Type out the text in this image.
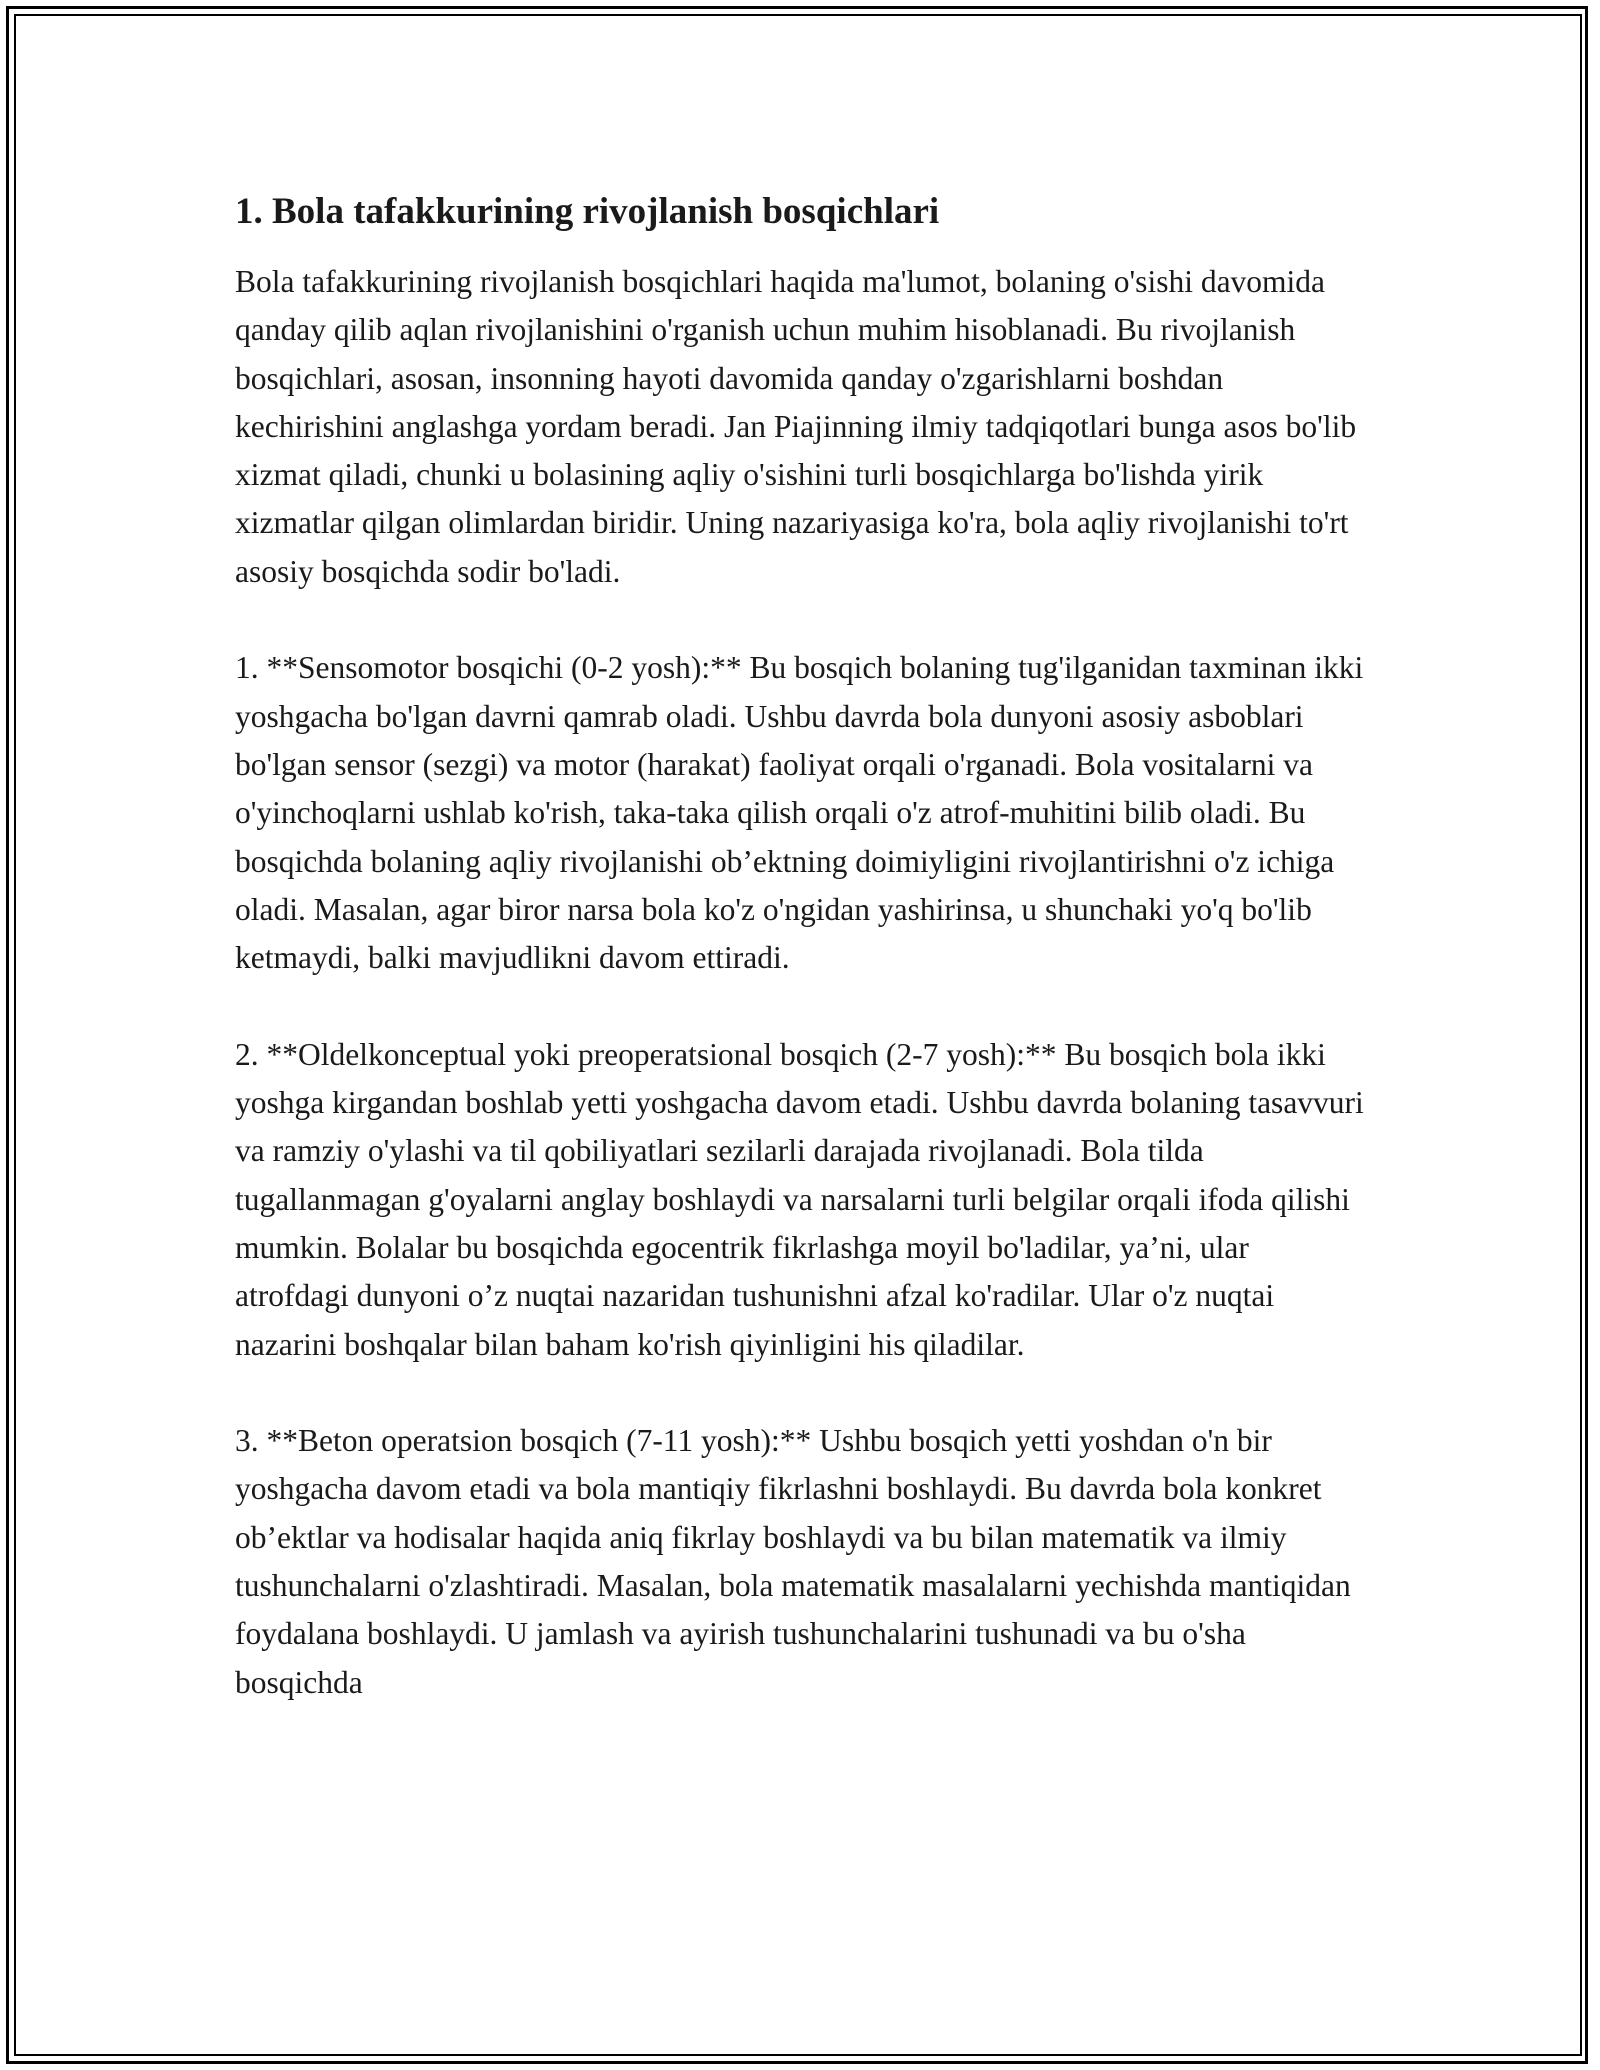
1. Bola tafakkurining rivojlanish bosqichlari

Bola tafakkurining rivojlanish bosqichlari haqida ma'lumot, bolaning o'sishi davomida qanday qilib aqlan rivojlanishini o'rganish uchun muhim hisoblanadi. Bu rivojlanish bosqichlari, asosan, insonning hayoti davomida qanday o'zgarishlarni boshdan kechirishini anglashga yordam beradi. Jan Piajinning ilmiy tadqiqotlari bunga asos bo'lib xizmat qiladi, chunki u bolasining aqliy o'sishini turli bosqichlarga bo'lishda yirik xizmatlar qilgan olimlardan biridir. Uning nazariyasiga ko'ra, bola aqliy rivojlanishi to'rt asosiy bosqichda sodir bo'ladi.

1. **Sensomotor bosqichi (0-2 yosh):** Bu bosqich bolaning tug'ilganidan taxminan ikki yoshgacha bo'lgan davrni qamrab oladi. Ushbu davrda bola dunyoni asosiy asboblari bo'lgan sensor (sezgi) va motor (harakat) faoliyat orqali o'rganadi. Bola vositalarni va o'yinchoqlarni ushlab ko'rish, taka-taka qilish orqali o'z atrof-muhitini bilib oladi. Bu bosqichda bolaning aqliy rivojlanishi ob’ektning doimiyligini rivojlantirishni o'z ichiga oladi. Masalan, agar biror narsa bola ko'z o'ngidan yashirinsa, u shunchaki yo'q bo'lib ketmaydi, balki mavjudlikni davom ettiradi.

2. **Oldelkonceptual yoki preoperatsional bosqich (2-7 yosh):** Bu bosqich bola ikki yoshga kirgandan boshlab yetti yoshgacha davom etadi. Ushbu davrda bolaning tasavvuri va ramziy o'ylashi va til qobiliyatlari sezilarli darajada rivojlanadi. Bola tilda tugallanmagan g'oyalarni anglay boshlaydi va narsalarni turli belgilar orqali ifoda qilishi mumkin. Bolalar bu bosqichda egocentrik fikrlashga moyil bo'ladilar, ya’ni, ular atrofdagi dunyoni o’z nuqtai nazaridan tushunishni afzal ko'radilar. Ular o'z nuqtai nazarini boshqalar bilan baham ko'rish qiyinligini his qiladilar.

3. **Beton operatsion bosqich (7-11 yosh):** Ushbu bosqich yetti yoshdan o'n bir yoshgacha davom etadi va bola mantiqiy fikrlashni boshlaydi. Bu davrda bola konkret ob’ektlar va hodisalar haqida aniq fikrlay boshlaydi va bu bilan matematik va ilmiy tushunchalarni o'zlashtiradi. Masalan, bola matematik masalalarni yechishda mantiqidan foydalana boshlaydi. U jamlash va ayirish tushunchalarini tushunadi va bu o'sha bosqichda
